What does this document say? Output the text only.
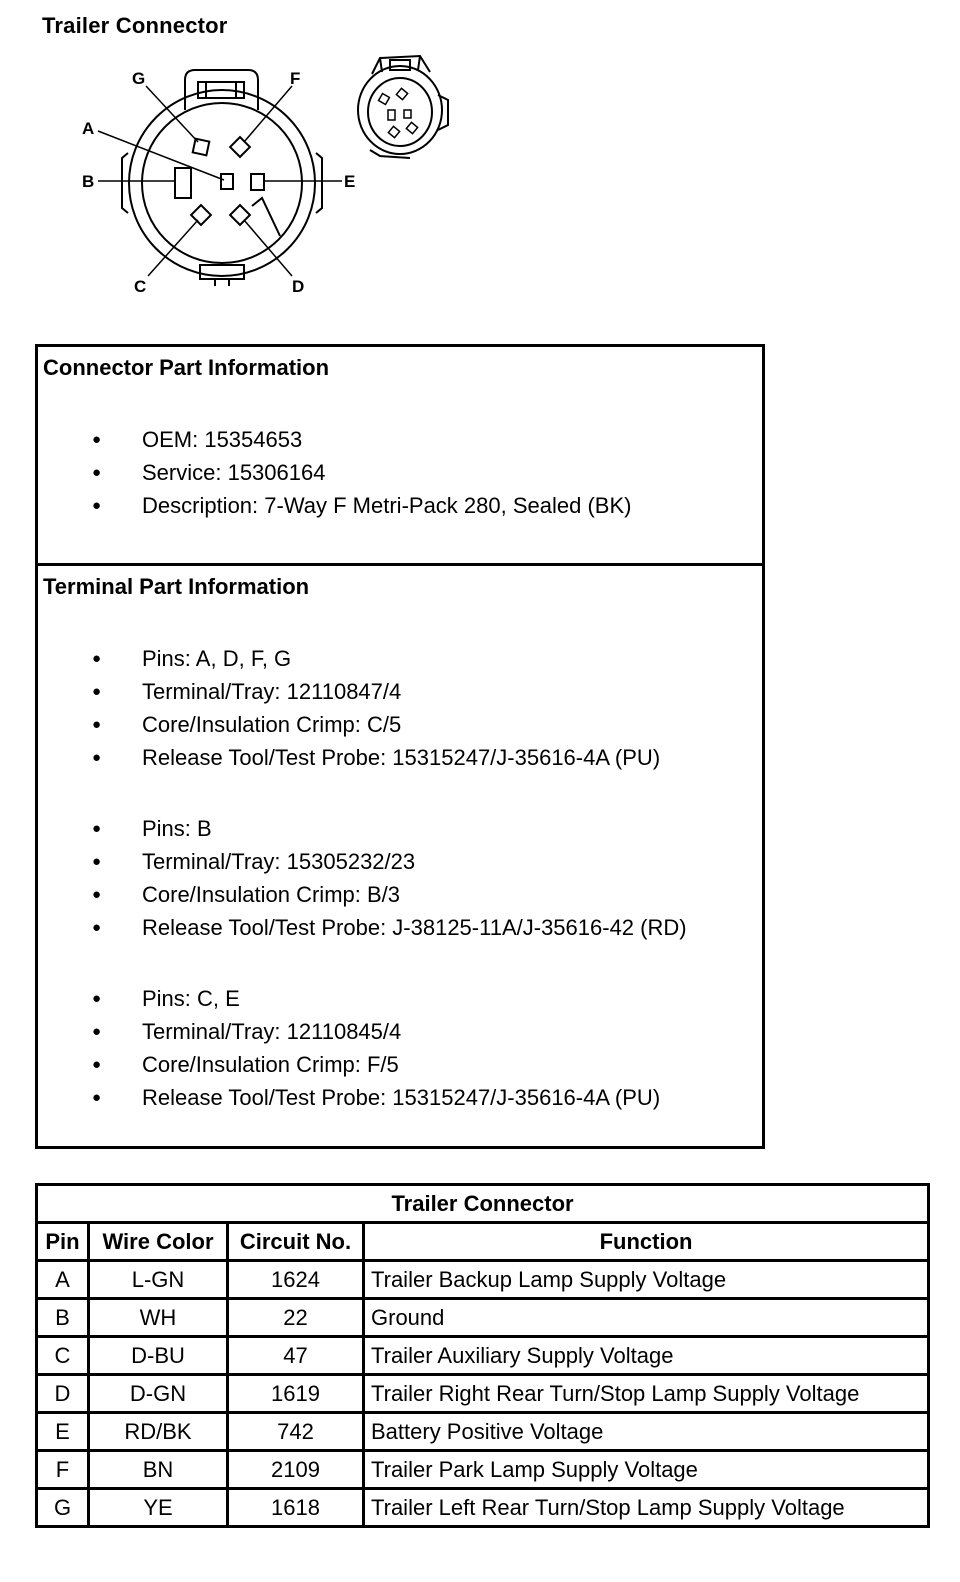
Trailer Connector
G	F
A
B	E
C	D
Connector Part Information
● OEM: 15354653
● Service: 15306164
● Description: 7-Way F Metri-Pack 280, Sealed (BK)
Terminal Part Information
● Pins: A, D, F, G
● Terminal/Tray: 12110847/4
● Core/Insulation Crimp: C/5
● Release Tool/Test Probe: 15315247/J-35616-4A (PU)
● Pins: B
● Terminal/Tray: 15305232/23
● Core/Insulation Crimp: B/3
● Release Tool/Test Probe: J-38125-11A/J-35616-42 (RD)
● Pins: C, E
● Terminal/Tray: 12110845/4
● Core/Insulation Crimp: F/5
● Release Tool/Test Probe: 15315247/J-35616-4A (PU)
Trailer Connector			
Pin	Wire Color	Circuit No.	Function
A	L-GN	1624	Trailer Backup Lamp Supply Voltage
B	WH	22	Ground
C	D-BU	47	Trailer Auxiliary Supply Voltage
D	D-GN	1619	Trailer Right Rear Turn/Stop Lamp Supply Voltage
E	RD/BK	742	Battery Positive Voltage
F	BN	2109	Trailer Park Lamp Supply Voltage
G	YE	1618	Trailer Left Rear Turn/Stop Lamp Supply Voltage
